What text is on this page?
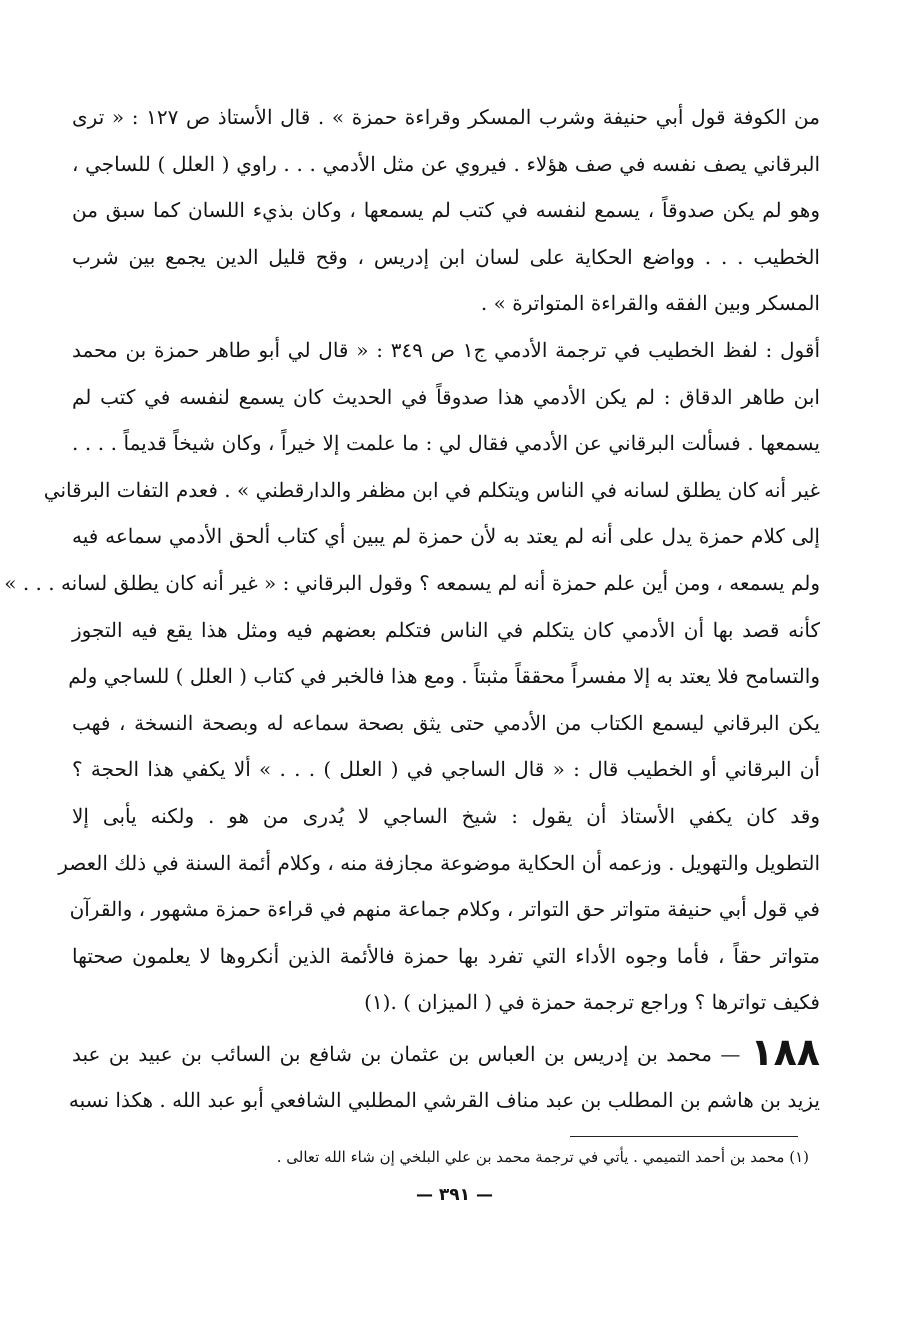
من الكوفة قول أبي حنيفة وشرب المسكر وقراءة حمزة » . قال الأستاذ ص ١٢٧ : « ترى
البرقاني يصف نفسه في صف هؤلاء . فيروي عن مثل الأدمي . . . راوي ( العلل ) للساجي ،
وهو لم يكن صدوقاً ، يسمع لنفسه في كتب لم يسمعها ، وكان بذيء اللسان كما سبق من
الخطيب . . . وواضع الحكاية على لسان ابن إدريس ، وقح قليل الدين يجمع بين شرب
المسكر وبين الفقه والقراءة المتواترة » .
أقول : لفظ الخطيب في ترجمة الأدمي ج١ ص ٣٤٩ : « قال لي أبو طاهر حمزة بن محمد
ابن طاهر الدقاق : لم يكن الأدمي هذا صدوقاً في الحديث كان يسمع لنفسه في كتب لم
يسمعها . فسألت البرقاني عن الأدمي فقال لي : ما علمت إلا خيراً ، وكان شيخاً قديماً . . . .
غير أنه كان يطلق لسانه في الناس ويتكلم في ابن مظفر والدارقطني » . فعدم التفات البرقاني
إلى كلام حمزة يدل على أنه لم يعتد به لأن حمزة لم يبين أي كتاب ألحق الأدمي سماعه فيه
ولم يسمعه ، ومن أين علم حمزة أنه لم يسمعه ؟ وقول البرقاني : « غير أنه كان يطلق لسانه . . . »
كأنه قصد بها أن الأدمي كان يتكلم في الناس فتكلم بعضهم فيه ومثل هذا يقع فيه التجوز
والتسامح فلا يعتد به إلا مفسراً محققاً مثبتاً . ومع هذا فالخبر في كتاب ( العلل ) للساجي ولم
يكن البرقاني ليسمع الكتاب من الأدمي حتى يثق بصحة سماعه له وبصحة النسخة ، فهب
أن البرقاني أو الخطيب قال : « قال الساجي في ( العلل ) . . . » ألا يكفي هذا الحجة ؟
وقد كان يكفي الأستاذ أن يقول : شيخ الساجي لا يُدرى من هو . ولكنه يأبى إلا
التطويل والتهويل . وزعمه أن الحكاية موضوعة مجازفة منه ، وكلام أئمة السنة في ذلك العصر
في قول أبي حنيفة متواتر حق التواتر ، وكلام جماعة منهم في قراءة حمزة مشهور ، والقرآن
متواتر حقاً ، فأما وجوه الأداء التي تفرد بها حمزة فالأئمة الذين أنكروها لا يعلمون صحتها
فكيف تواترها ؟ وراجع ترجمة حمزة في ( الميزان ) .(١)
١٨٨— محمد بن إدريس بن العباس بن عثمان بن شافع بن السائب بن عبيد بن عبد
يزيد بن هاشم بن المطلب بن عبد مناف القرشي المطلبي الشافعي أبو عبد الله . هكذا نسبه
(١) محمد بن أحمد التميمي . يأتي في ترجمة محمد بن علي البلخي إن شاء الله تعالى .
— ٣٩١ —
